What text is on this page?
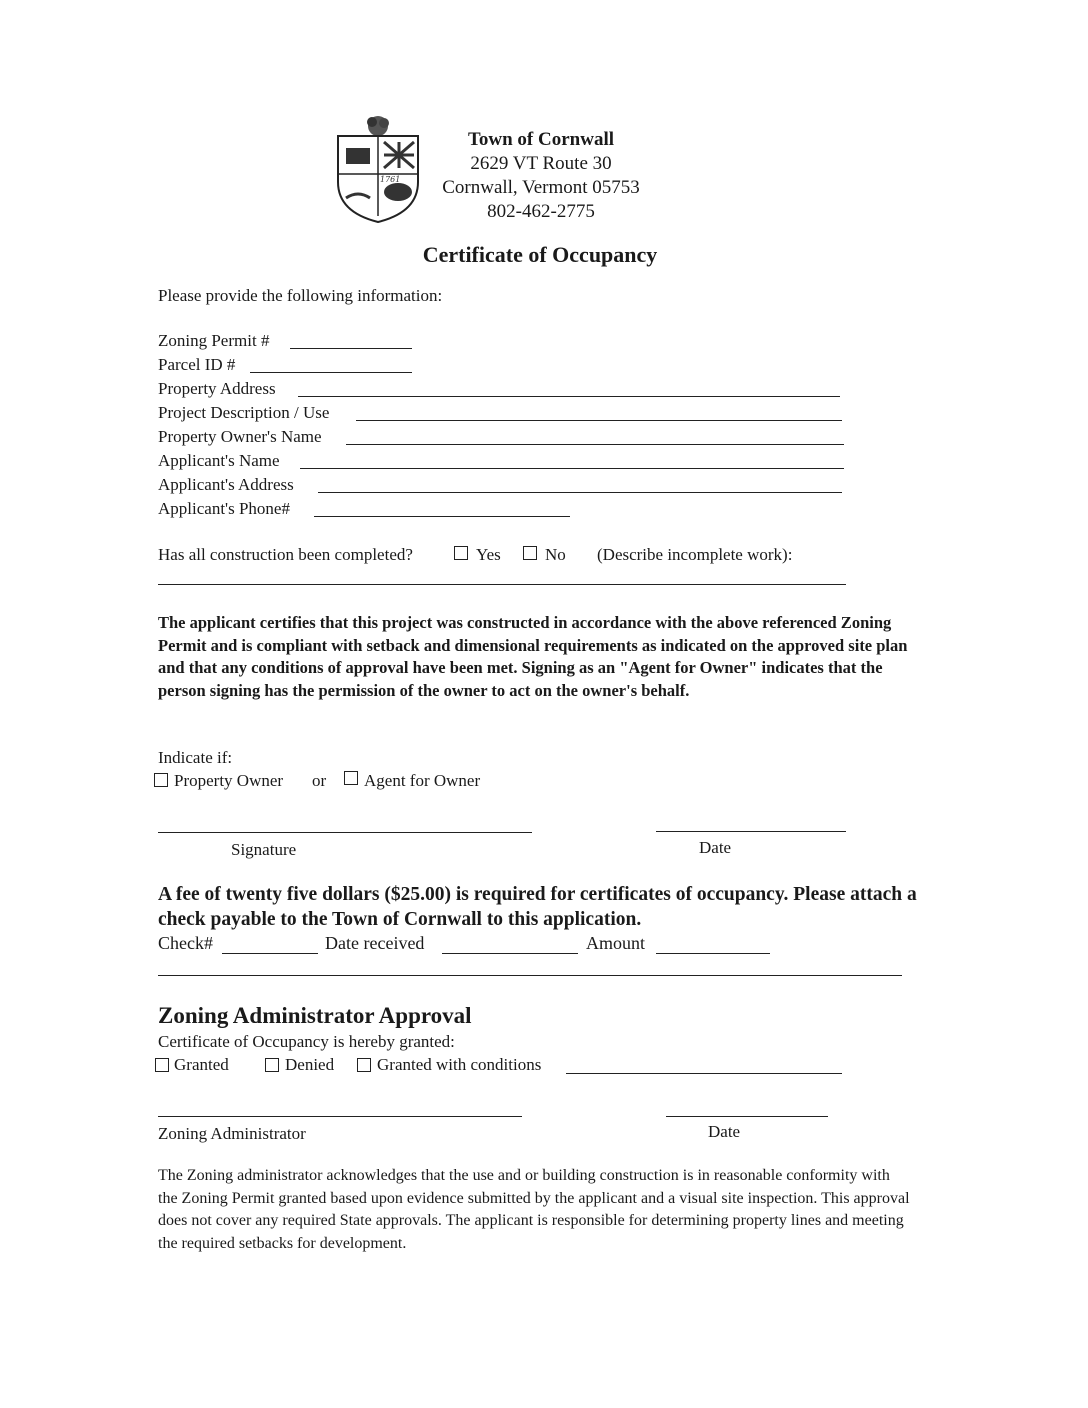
1761
Town of Cornwall
2629 VT Route 30
Cornwall, Vermont 05753
802-462-2775
Certificate of Occupancy
Please provide the following information:
Zoning Permit #
Parcel ID #
Property Address
Project Description / Use
Property Owner's Name
Applicant's Name
Applicant's Address
Applicant's Phone#
Has all construction been completed?	Yes	No (Describe incomplete work):
The applicant certifies that this project was constructed in accordance with the above referenced Zoning Permit and is compliant with setback and dimensional requirements as indicated on the approved site plan and that any conditions of approval have been met. Signing as an "Agent for Owner" indicates that the person signing has the permission of the owner to act on the owner's behalf.
Indicate if:
Property Owner or Agent for Owner
Signature	Date
A fee of twenty five dollars ($25.00) is required for certificates of occupancy. Please attach a check payable to the Town of Cornwall to this application.
Check#	Date received	Amount
Zoning Administrator Approval
Certificate of Occupancy is hereby granted:
Granted	Denied	Granted with conditions
Zoning Administrator	Date
The Zoning administrator acknowledges that the use and or building construction is in reasonable conformity with the Zoning Permit granted based upon evidence submitted by the applicant and a visual site inspection. This approval does not cover any required State approvals. The applicant is responsible for determining property lines and meeting the required setbacks for development.
